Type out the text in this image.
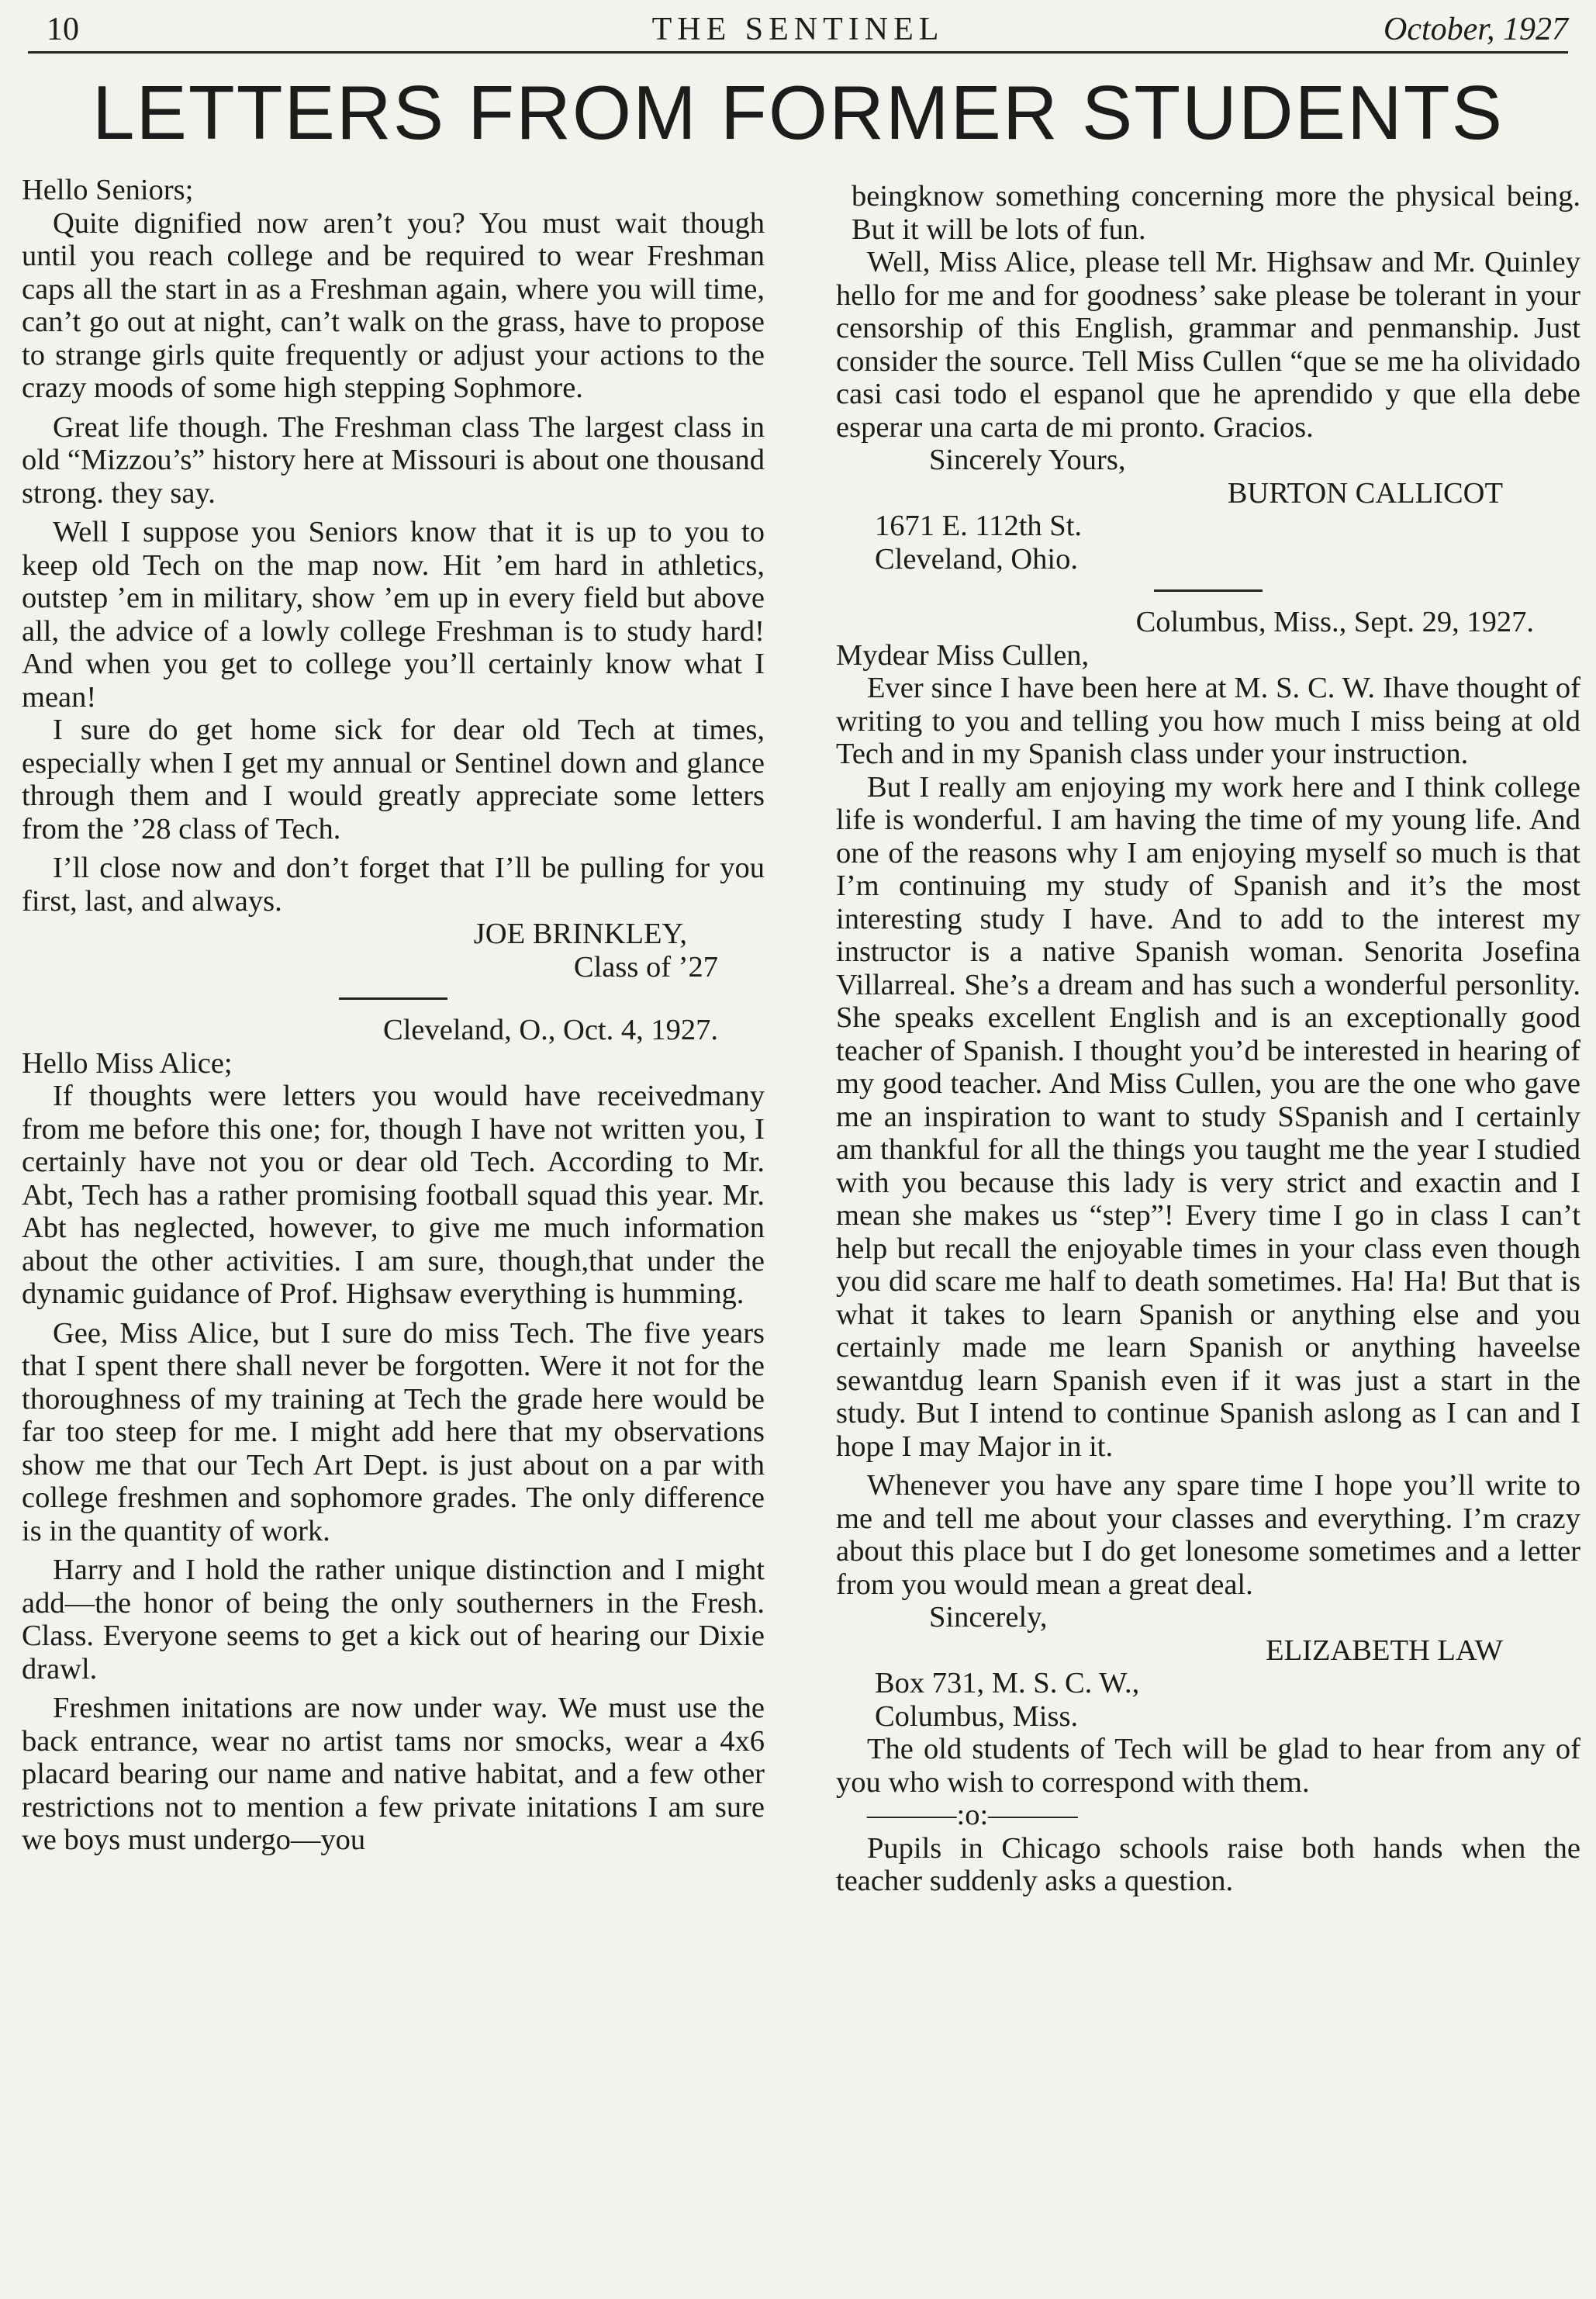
10	THE SENTINEL	October, 1927
LETTERS FROM FORMER STUDENTS

Hello Seniors;

Quite dignified now aren’t you? You must wait though until you reach college and be required to wear Freshman caps all the start in as a Freshman again, where you will time, can’t go out at night, can’t walk on the grass, have to propose to strange girls quite frequently or adjust your actions to the crazy moods of some high stepping Sophmore.

Great life though. The Freshman class The largest class in old “Mizzou’s” history here at Missouri is about one thousand strong. they say.

Well I suppose you Seniors know that it is up to you to keep old Tech on the map now. Hit ’em hard in athletics, outstep ’em in military, show ’em up in every field but above all, the advice of a lowly college Freshman is to study hard! And when you get to college you’ll certainly know what I mean!

I sure do get home sick for dear old Tech at times, especially when I get my annual or Sentinel down and glance through them and I would greatly appreciate some letters from the ’28 class of Tech.

I’ll close now and don’t forget that I’ll be pulling for you first, last, and always.

JOE BRINKLEY,

Class of ’27

Cleveland, O., Oct. 4, 1927.

Hello Miss Alice;

If thoughts were letters you would have receivedmany from me before this one; for, though I have not written you, I certainly have not you or dear old Tech. According to Mr. Abt, Tech has a rather promising football squad this year. Mr. Abt has neglected, however, to give me much information about the other activities. I am sure, though,that under the dynamic guidance of Prof. Highsaw everything is humming.

Gee, Miss Alice, but I sure do miss Tech. The five years that I spent there shall never be forgotten. Were it not for the thoroughness of my training at Tech the grade here would be far too steep for me. I might add here that my observations show me that our Tech Art Dept. is just about on a par with college freshmen and sophomore grades. The only difference is in the quantity of work.

Harry and I hold the rather unique distinction and I might add—the honor of being the only southerners in the Fresh. Class. Everyone seems to get a kick out of hearing our Dixie drawl.

Freshmen initations are now under way. We must use the back entrance, wear no artist tams nor smocks, wear a 4x6 placard bearing our name and native habitat, and a few other restrictions not to mention a few private initations I am sure we boys must undergo—you

beingknow something concerning more the physical being. But it will be lots of fun.

Well, Miss Alice, please tell Mr. Highsaw and Mr. Quinley hello for me and for goodness’ sake please be tolerant in your censorship of this English, grammar and penmanship. Just consider the source. Tell Miss Cullen “que se me ha olividado casi casi todo el espanol que he aprendido y que ella debe esperar una carta de mi pronto. Gracios.

Sincerely Yours,

BURTON CALLICOT

1671 E. 112th St.

Cleveland, Ohio.

Columbus, Miss., Sept. 29, 1927.

Mydear Miss Cullen,

Ever since I have been here at M. S. C. W. Ihave thought of writing to you and telling you how much I miss being at old Tech and in my Spanish class under your instruction.

But I really am enjoying my work here and I think college life is wonderful. I am having the time of my young life. And one of the reasons why I am enjoying myself so much is that I’m continuing my study of Spanish and it’s the most interesting study I have. And to add to the interest my instructor is a native Spanish woman. Senorita Josefina Villarreal. She’s a dream and has such a wonderful personlity. She speaks excellent English and is an exceptionally good teacher of Spanish. I thought you’d be interested in hearing of my good teacher. And Miss Cullen, you are the one who gave me an inspiration to want to study SSpanish and I certainly am thankful for all the things you taught me the year I studied with you because this lady is very strict and exactin and I mean she makes us “step”! Every time I go in class I can’t help but recall the enjoyable times in your class even though you did scare me half to death sometimes. Ha! Ha! But that is what it takes to learn Spanish or anything else and you certainly made me learn Spanish or anything haveelse sewantdug learn Spanish even if it was just a start in the study. But I intend to continue Spanish aslong as I can and I hope I may Major in it.

Whenever you have any spare time I hope you’ll write to me and tell me about your classes and everything. I’m crazy about this place but I do get lonesome sometimes and a letter from you would mean a great deal.

Sincerely,

ELIZABETH LAW

Box 731, M. S. C. W.,

Columbus, Miss.

The old students of Tech will be glad to hear from any of you who wish to correspond with them.

———:o:———

Pupils in Chicago schools raise both hands when the teacher suddenly asks a question.
